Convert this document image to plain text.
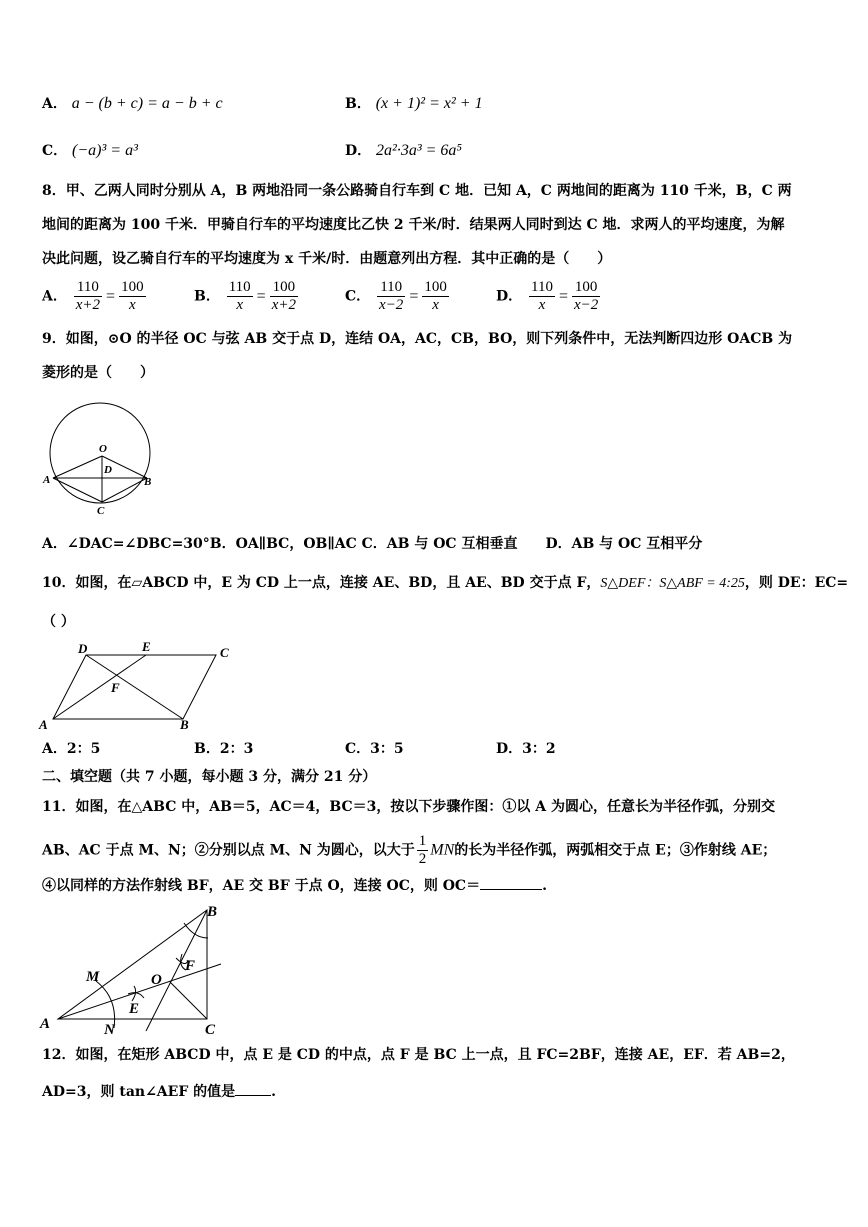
A． a − (b + c) = a − b + c	B． (x + 1)² = x² + 1
C． (−a)³ = a³	D． 2a²·3a³ = 6a⁵
8．甲、乙两人同时分别从 A，B 两地沿同一条公路骑自行车到 C 地．已知 A，C 两地间的距离为 110 千米，B，C 两
地间的距离为 100 千米．甲骑自行车的平均速度比乙快 2 千米/时．结果两人同时到达 C 地．求两人的平均速度，为解
决此问题，设乙骑自行车的平均速度为 x 千米/时．由题意列出方程．其中正确的是（　　）
A． $\frac{110}{x+2} = \frac{100}{x}$	B． $\frac{110}{x} = \frac{100}{x+2}$	C． $\frac{110}{x-2} = \frac{100}{x}$	D． $\frac{110}{x} = \frac{100}{x-2}$
9．如图，⊙O 的半径 OC 与弦 AB 交于点 D，连结 OA，AC，CB，BO，则下列条件中，无法判断四边形 OACB 为
菱形的是（　　）
O
D
A	B
C
A．∠DAC=∠DBC=30°B．OA∥BC，OB∥AC C．AB 与 OC 互相垂直　　D．AB 与 OC 互相平分
10．如图，在▱ABCD 中，E 为 CD 上一点，连接 AE、BD，且 AE、BD 交于点 F，S△DEF：S△ABF = 4:25，则 DE：EC=
（ ）
D	E	C
F
A	B
A．2：5	B．2：3	C．3：5	D．3：2
二、填空题（共 7 小题，每小题 3 分，满分 21 分）
11．如图，在△ABC 中，AB＝5，AC＝4，BC＝3，按以下步骤作图：①以 A 为圆心，任意长为半径作弧，分别交
AB、AC 于点 M、N；②分别以点 M、N 为圆心，以大于 $\frac{1}{2}$ MN的长为半径作弧，两弧相交于点 E；③作射线 AE；
④以同样的方法作射线 BF，AE 交 BF 于点 O，连接 OC，则 OC＝	.
B
M
F
O
E
A	N	C
12．如图，在矩形 ABCD 中，点 E 是 CD 的中点，点 F 是 BC 上一点，且 FC=2BF，连接 AE，EF．若 AB=2，
AD=3，则 tan∠AEF 的值是	.
